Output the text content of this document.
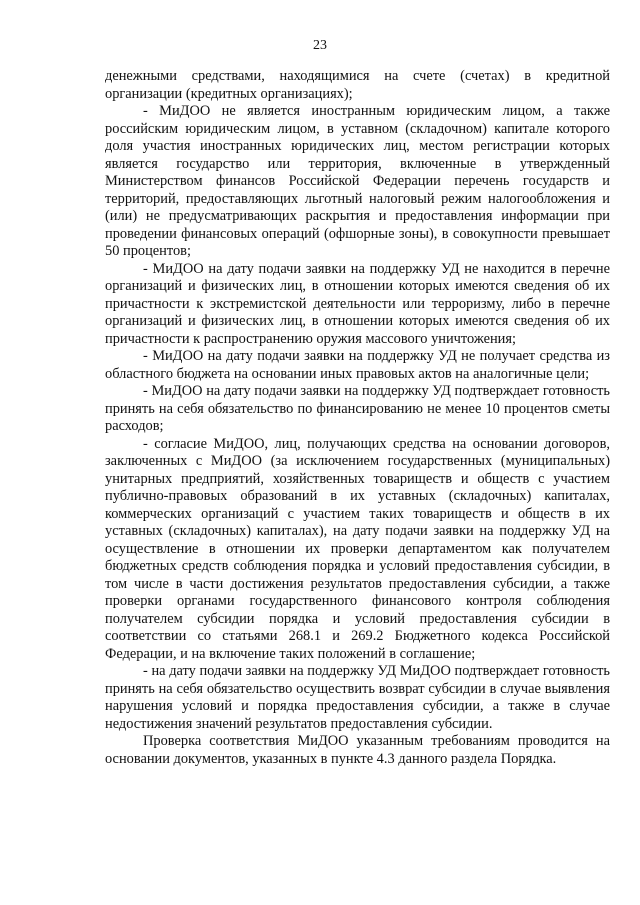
23

денежными средствами, находящимися на счете (счетах) в кредитной организации (кредитных организациях);

- МиДОО не является иностранным юридическим лицом, а также российским юридическим лицом, в уставном (складочном) капитале которого доля участия иностранных юридических лиц, местом регистрации которых является государство или территория, включенные в утвержденный Министерством финансов Российской Федерации перечень государств и территорий, предоставляющих льготный налоговый режим налогообложения и (или) не предусматривающих раскрытия и предоставления информации при проведении финансовых операций (офшорные зоны), в совокупности превышает 50 процентов;

- МиДОО на дату подачи заявки на поддержку УД не находится в перечне организаций и физических лиц, в отношении которых имеются сведения об их причастности к экстремистской деятельности или терроризму, либо в перечне организаций и физических лиц, в отношении которых имеются сведения об их причастности к распространению оружия массового уничтожения;

- МиДОО на дату подачи заявки на поддержку УД не получает средства из областного бюджета на основании иных правовых актов на аналогичные цели;

- МиДОО на дату подачи заявки на поддержку УД подтверждает готовность принять на себя обязательство по финансированию не менее 10 процентов сметы расходов;

- согласие МиДОО, лиц, получающих средства на основании договоров, заключенных с МиДОО (за исключением государственных (муниципальных) унитарных предприятий, хозяйственных товариществ и обществ с участием публично-правовых образований в их уставных (складочных) капиталах, коммерческих организаций с участием таких товариществ и обществ в их уставных (складочных) капиталах), на дату подачи заявки на поддержку УД на осуществление в отношении их проверки департаментом как получателем бюджетных средств соблюдения порядка и условий предоставления субсидии, в том числе в части достижения результатов предоставления субсидии, а также проверки органами государственного финансового контроля соблюдения получателем субсидии порядка и условий предоставления субсидии в соответствии со статьями 268.1 и 269.2 Бюджетного кодекса Российской Федерации, и на включение таких положений в соглашение;

- на дату подачи заявки на поддержку УД МиДОО подтверждает готовность принять на себя обязательство осуществить возврат субсидии в случае выявления нарушения условий и порядка предоставления субсидии, а также в случае недостижения значений результатов предоставления субсидии.

Проверка соответствия МиДОО указанным требованиям проводится на основании документов, указанных в пункте 4.3 данного раздела Порядка.
